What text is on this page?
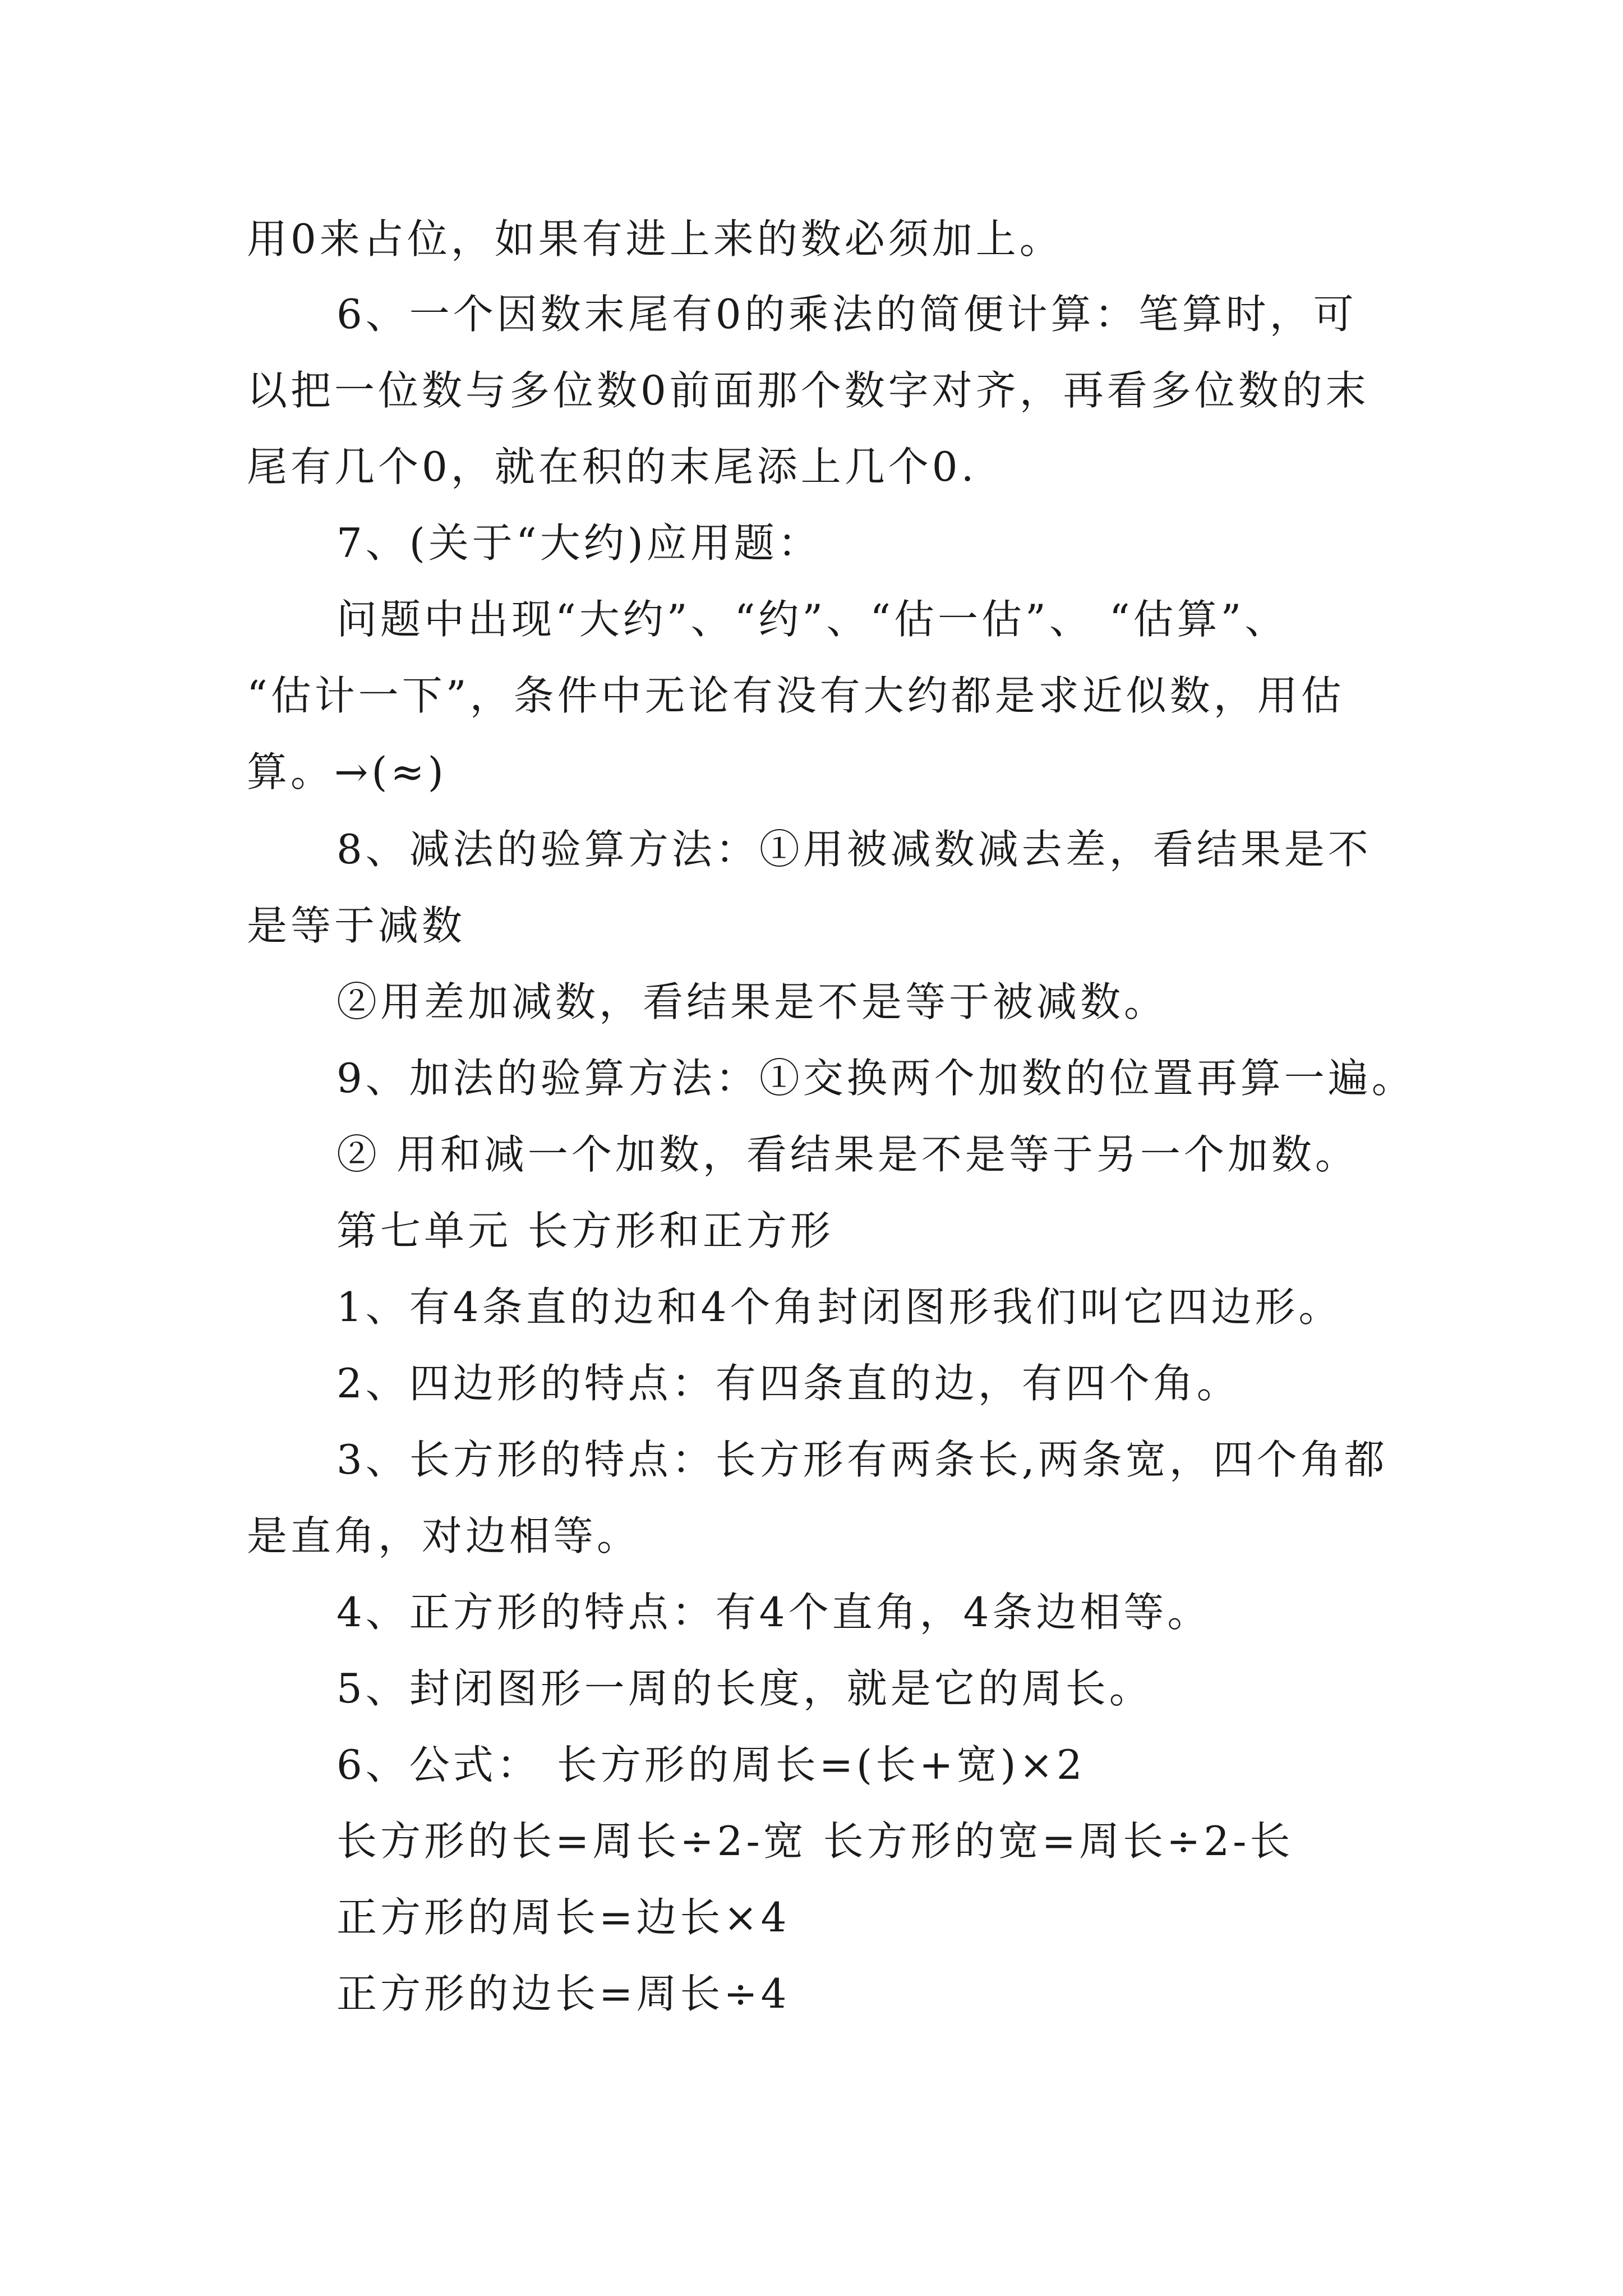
用0来占位，如果有进上来的数必须加上。
6、一个因数末尾有0的乘法的简便计算：笔算时，可
以把一位数与多位数0前面那个数字对齐，再看多位数的末
尾有几个0，就在积的末尾添上几个0.
7、(关于“大约)应用题：
问题中出现“大约”、“约”、“估一估”、 “估算”、
“估计一下”，条件中无论有没有大约都是求近似数，用估
算。→(≈)
8、减法的验算方法：①用被减数减去差，看结果是不
是等于减数
②用差加减数，看结果是不是等于被减数。
9、加法的验算方法：①交换两个加数的位置再算一遍。
② 用和减一个加数，看结果是不是等于另一个加数。
第七单元 长方形和正方形
1、有4条直的边和4个角封闭图形我们叫它四边形。
2、四边形的特点：有四条直的边，有四个角。
3、长方形的特点：长方形有两条长,两条宽，四个角都
是直角，对边相等。
4、正方形的特点：有4个直角，4条边相等。
5、封闭图形一周的长度，就是它的周长。
6、公式： 长方形的周长=(长+宽)×2
长方形的长=周长÷2-宽 长方形的宽=周长÷2-长
正方形的周长=边长×4
正方形的边长=周长÷4
